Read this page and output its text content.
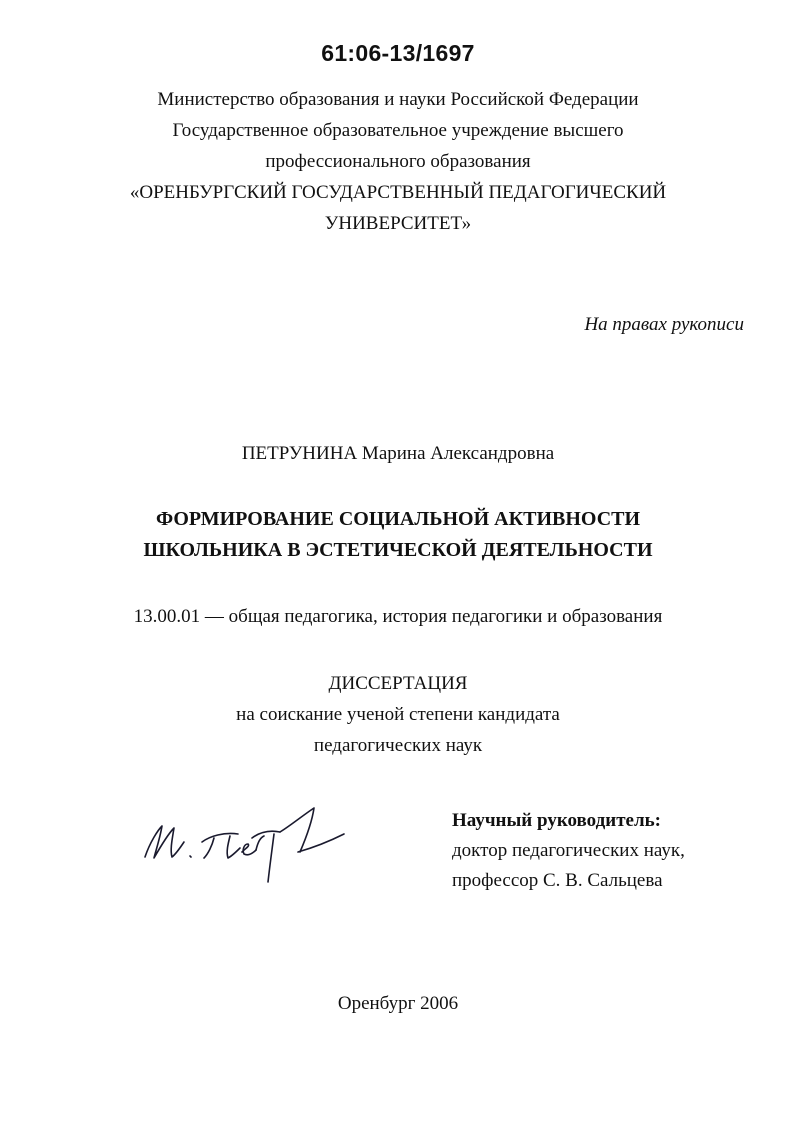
61:06-13/1697
Министерство образования и науки Российской Федерации
Государственное образовательное учреждение высшего
профессионального образования
«ОРЕНБУРГСКИЙ ГОСУДАРСТВЕННЫЙ ПЕДАГОГИЧЕСКИЙ
УНИВЕРСИТЕТ»
На правах рукописи
ПЕТРУНИНА Марина Александровна
ФОРМИРОВАНИЕ СОЦИАЛЬНОЙ АКТИВНОСТИ
ШКОЛЬНИКА В ЭСТЕТИЧЕСКОЙ ДЕЯТЕЛЬНОСТИ
13.00.01 — общая педагогика, история педагогики и образования
ДИССЕРТАЦИЯ
на соискание ученой степени кандидата
педагогических наук
Научный руководитель:
доктор педагогических наук,
профессор С. В. Сальцева
Оренбург 2006
